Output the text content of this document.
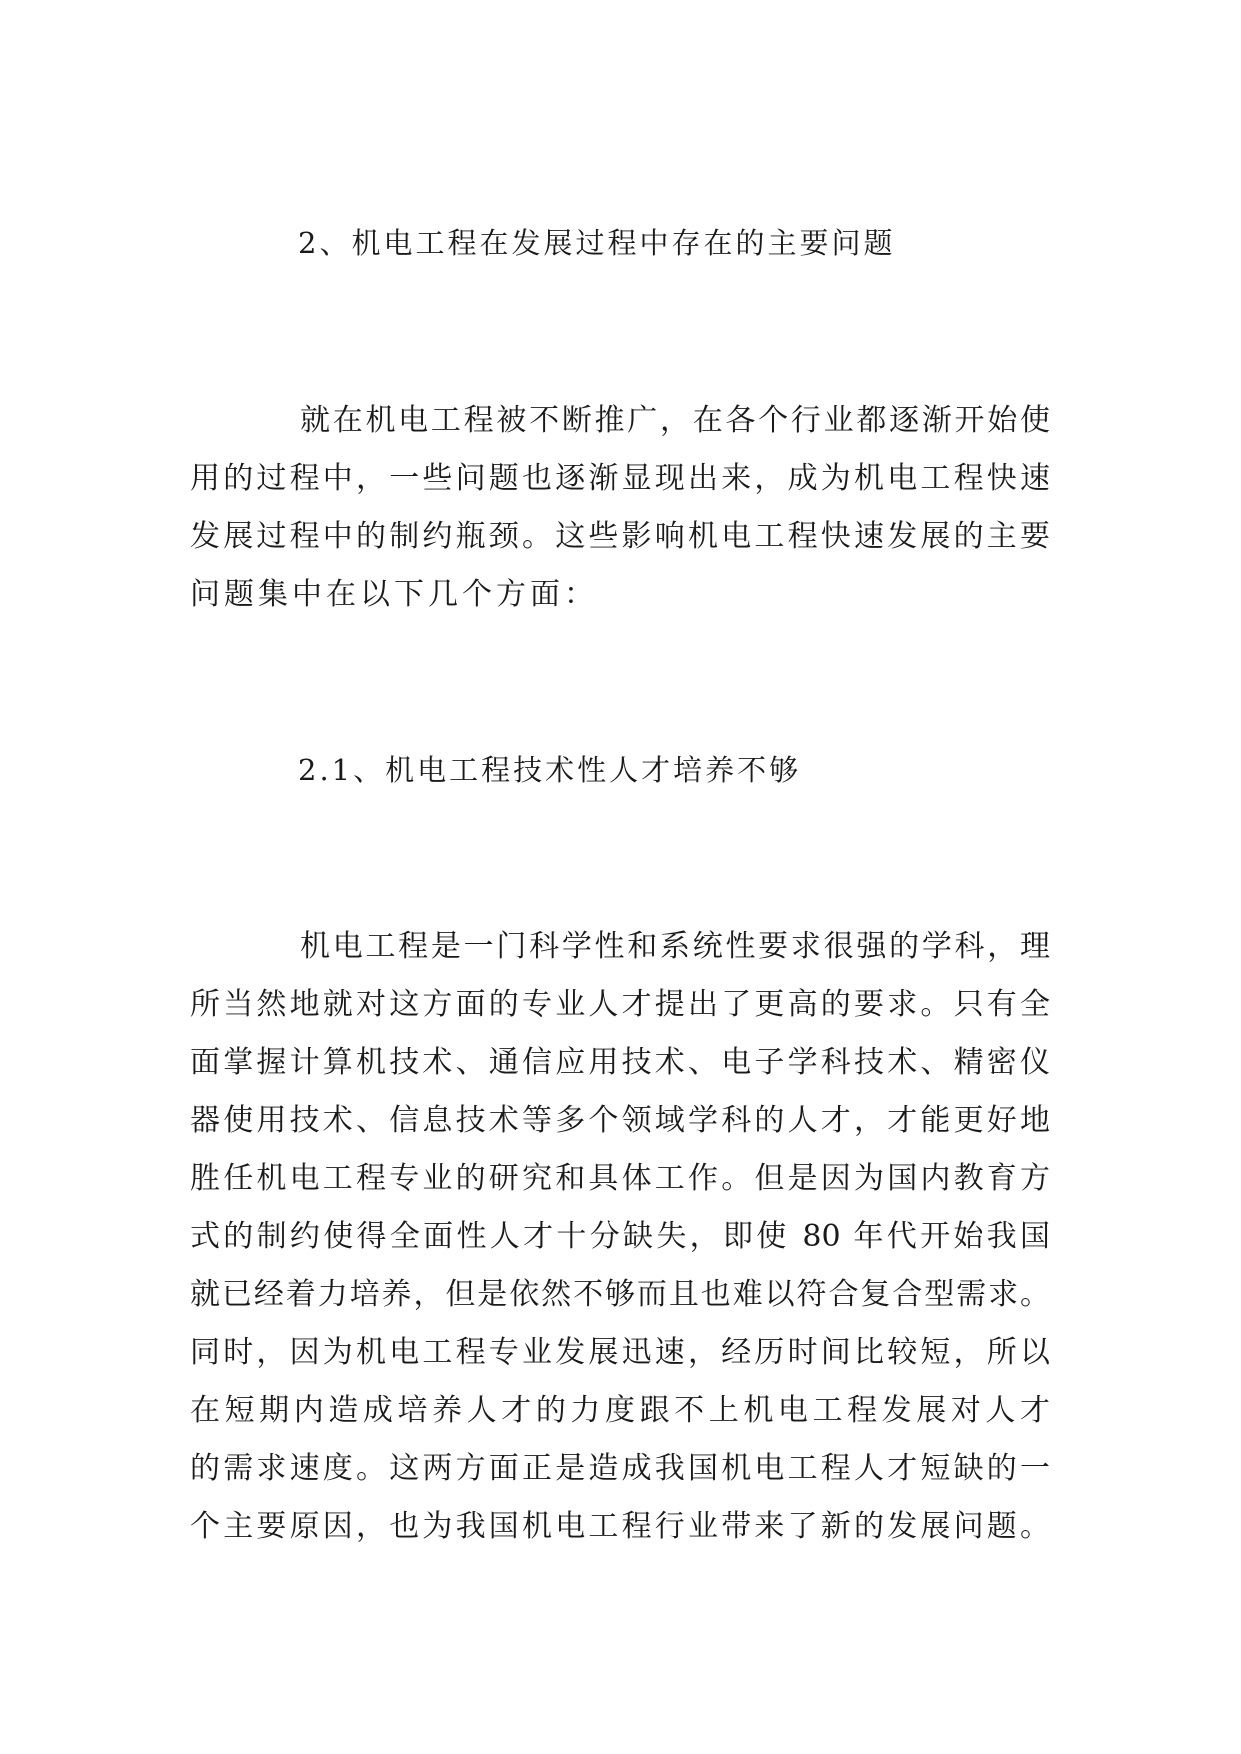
2、机电工程在发展过程中存在的主要问题
就在机电工程被不断推广，在各个行业都逐渐开始使
用的过程中，一些问题也逐渐显现出来，成为机电工程快速
发展过程中的制约瓶颈。这些影响机电工程快速发展的主要
问题集中在以下几个方面：
2.1、机电工程技术性人才培养不够
机电工程是一门科学性和系统性要求很强的学科，理
所当然地就对这方面的专业人才提出了更高的要求。只有全
面掌握计算机技术、通信应用技术、电子学科技术、精密仪
器使用技术、信息技术等多个领域学科的人才，才能更好地
胜任机电工程专业的研究和具体工作。但是因为国内教育方
式的制约使得全面性人才十分缺失，即使 80 年代开始我国
就已经着力培养，但是依然不够而且也难以符合复合型需求。
同时，因为机电工程专业发展迅速，经历时间比较短，所以
在短期内造成培养人才的力度跟不上机电工程发展对人才
的需求速度。这两方面正是造成我国机电工程人才短缺的一
个主要原因，也为我国机电工程行业带来了新的发展问题。
